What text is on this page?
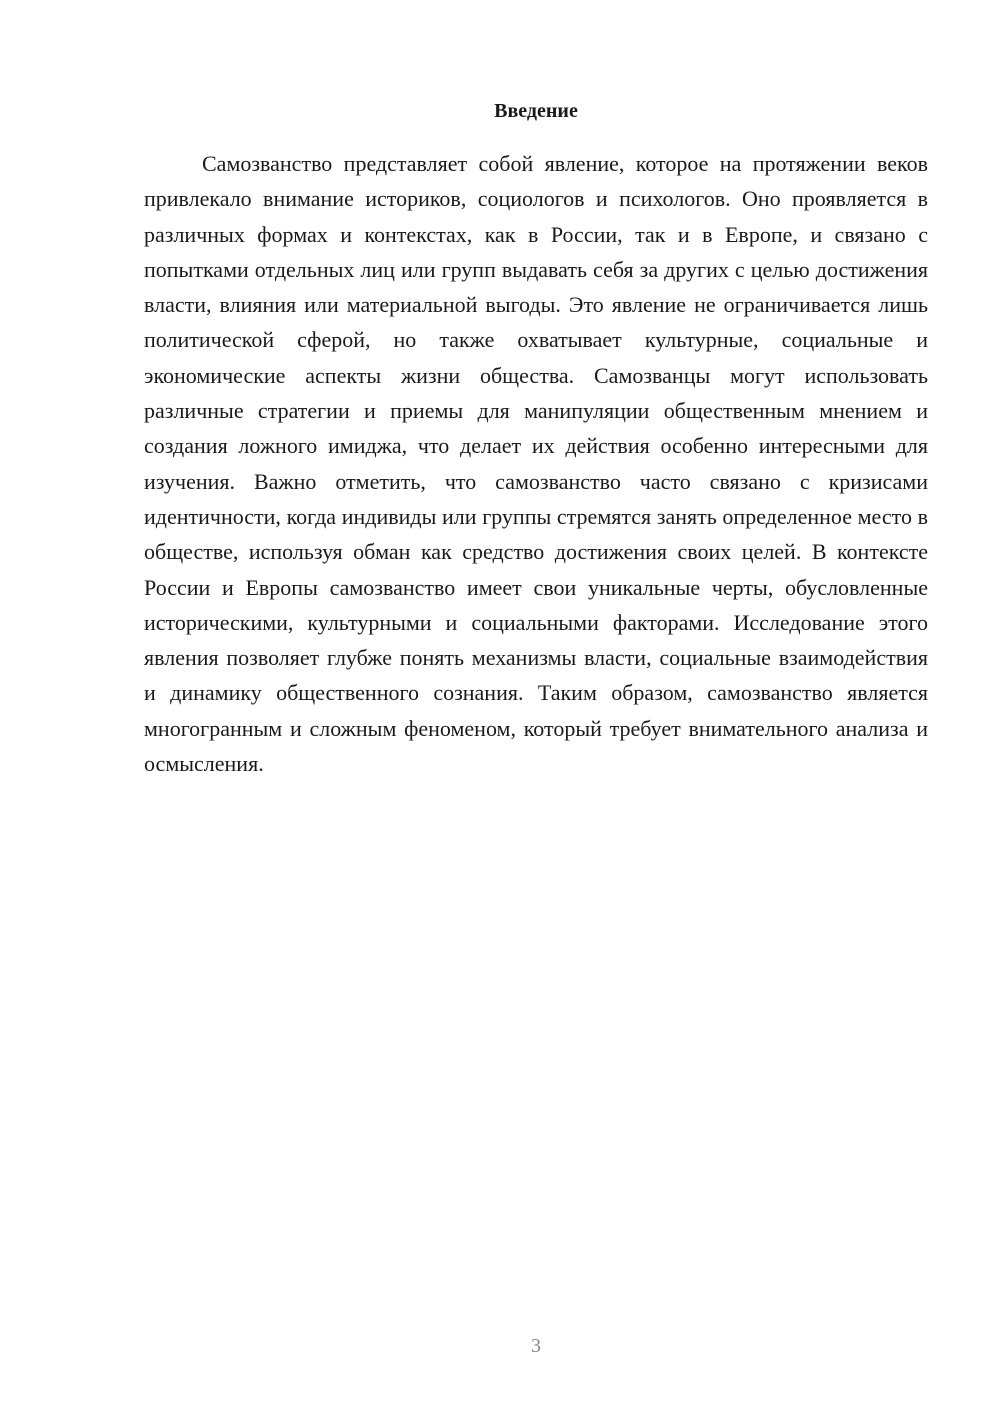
Введение

Самозванство представляет собой явление, которое на протяжении веков привлекало внимание историков, социологов и психологов. Оно проявляется в различных формах и контекстах, как в России, так и в Европе, и связано с попытками отдельных лиц или групп выдавать себя за других с целью достижения власти, влияния или материальной выгоды. Это явление не ограничивается лишь политической сферой, но также охватывает культурные, социальные и экономические аспекты жизни общества. Самозванцы могут использовать различные стратегии и приемы для манипуляции общественным мнением и создания ложного имиджа, что делает их действия особенно интересными для изучения. Важно отметить, что самозванство часто связано с кризисами идентичности, когда индивиды или группы стремятся занять определенное место в обществе, используя обман как средство достижения своих целей. В контексте России и Европы самозванство имеет свои уникальные черты, обусловленные историческими, культурными и социальными факторами. Исследование этого явления позволяет глубже понять механизмы власти, социальные взаимодействия и динамику общественного сознания. Таким образом, самозванство является многогранным и сложным феноменом, который требует внимательного анализа и осмысления.

3
